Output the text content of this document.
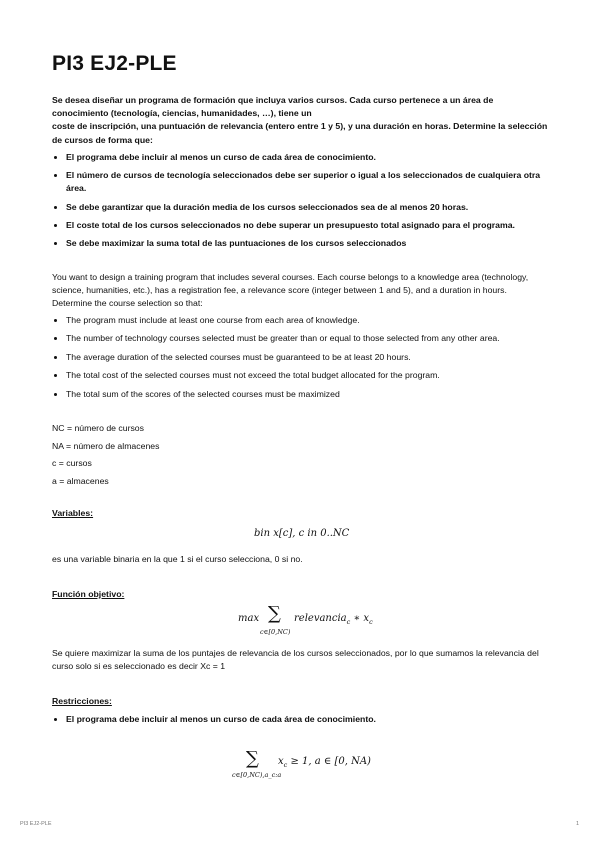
PI3 EJ2-PLE
Se desea diseñar un programa de formación que incluya varios cursos. Cada curso pertenece a un área de
conocimiento (tecnología, ciencias, humanidades, …), tiene un
coste de inscripción, una puntuación de relevancia (entero entre 1 y 5), y una duración en horas. Determine la selección
de cursos de forma que:
• El programa debe incluir al menos un curso de cada área de conocimiento.
• El número de cursos de tecnología seleccionados debe ser superior o igual a los seleccionados de cualquiera otra área.
• Se debe garantizar que la duración media de los cursos seleccionados sea de al menos 20 horas.
• El coste total de los cursos seleccionados no debe superar un presupuesto total asignado para el programa.
• Se debe maximizar la suma total de las puntuaciones de los cursos seleccionados
You want to design a training program that includes several courses. Each course belongs to a knowledge area (technology, science, humanities, etc.), has a registration fee, a relevance score (integer between 1 and 5), and a duration in hours. Determine the course selection so that:
• The program must include at least one course from each area of knowledge.
• The number of technology courses selected must be greater than or equal to those selected from any other area.
• The average duration of the selected courses must be guaranteed to be at least 20 hours.
• The total cost of the selected courses must not exceed the total budget allocated for the program.
• The total sum of the scores of the selected courses must be maximized
NC = número de cursos
NA = número de almacenes
c = cursos
a = almacenes
Variables:
bin x[c], c in 0..NC
es una variable binaria en la que 1 si el curso selecciona, 0 si no.
Función objetivo:
max ∑
c∈[0,NC)
relevancia$_c$ ∗ $x_c$
Se quiere maximizar la suma de los puntajes de relevancia de los cursos seleccionados, por lo que sumamos la relevancia del curso solo si es seleccionado es decir Xc = 1
Restricciones:
• El programa debe incluir al menos un curso de cada área de conocimiento.
∑
c∈[0,NC),a_c:a
$x_c \ge 1$, a ∈ [0, NA)
PI3 EJ2-PLE	1
